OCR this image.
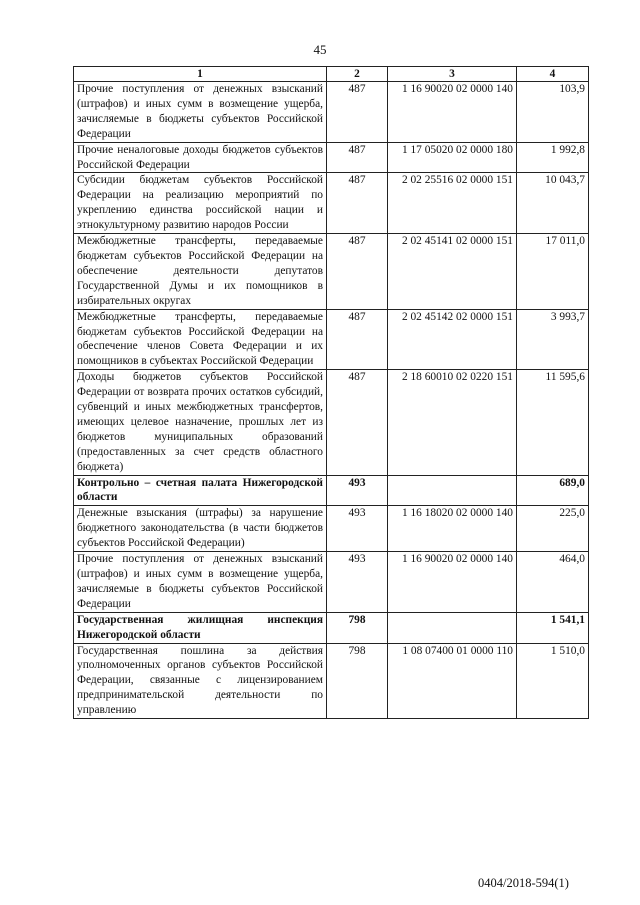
45
1	2	3	4
Прочие поступления от денежных взысканий (штрафов) и иных сумм в возмещение ущерба, зачисляемые в бюджеты субъектов Российской Федерации	487	1 16 90020 02 0000 140	103,9
Прочие неналоговые доходы бюджетов субъектов Российской Федерации	487	1 17 05020 02 0000 180	1 992,8
Субсидии бюджетам субъектов Российской Федерации на реализацию мероприятий по укреплению единства российской нации и этнокультурному развитию народов России	487	2 02 25516 02 0000 151	10 043,7
Межбюджетные трансферты, передаваемые бюджетам субъектов Российской Федерации на обеспечение деятельности депутатов Государственной Думы и их помощников в избирательных округах	487	2 02 45141 02 0000 151	17 011,0
Межбюджетные трансферты, передаваемые бюджетам субъектов Российской Федерации на обеспечение членов Совета Федерации и их помощников в субъектах Российской Федерации	487	2 02 45142 02 0000 151	3 993,7
Доходы бюджетов субъектов Российской Федерации от возврата прочих остатков субсидий, субвенций и иных межбюджетных трансфертов, имеющих целевое назначение, прошлых лет из бюджетов муниципальных образований (предоставленных за счет средств областного бюджета)	487	2 18 60010 02 0220 151	11 595,6
Контрольно – счетная палата Нижегородской области	493		689,0
Денежные взыскания (штрафы) за нарушение бюджетного законодательства (в части бюджетов субъектов Российской Федерации)	493	1 16 18020 02 0000 140	225,0
Прочие поступления от денежных взысканий (штрафов) и иных сумм в возмещение ущерба, зачисляемые в бюджеты субъектов Российской Федерации	493	1 16 90020 02 0000 140	464,0
Государственная жилищная инспекция Нижегородской области	798		1 541,1
Государственная пошлина за действия уполномоченных органов субъектов Российской Федерации, связанные с лицензированием предпринимательской деятельности по управлению	798	1 08 07400 01 0000 110	1 510,0
0404/2018-594(1)
